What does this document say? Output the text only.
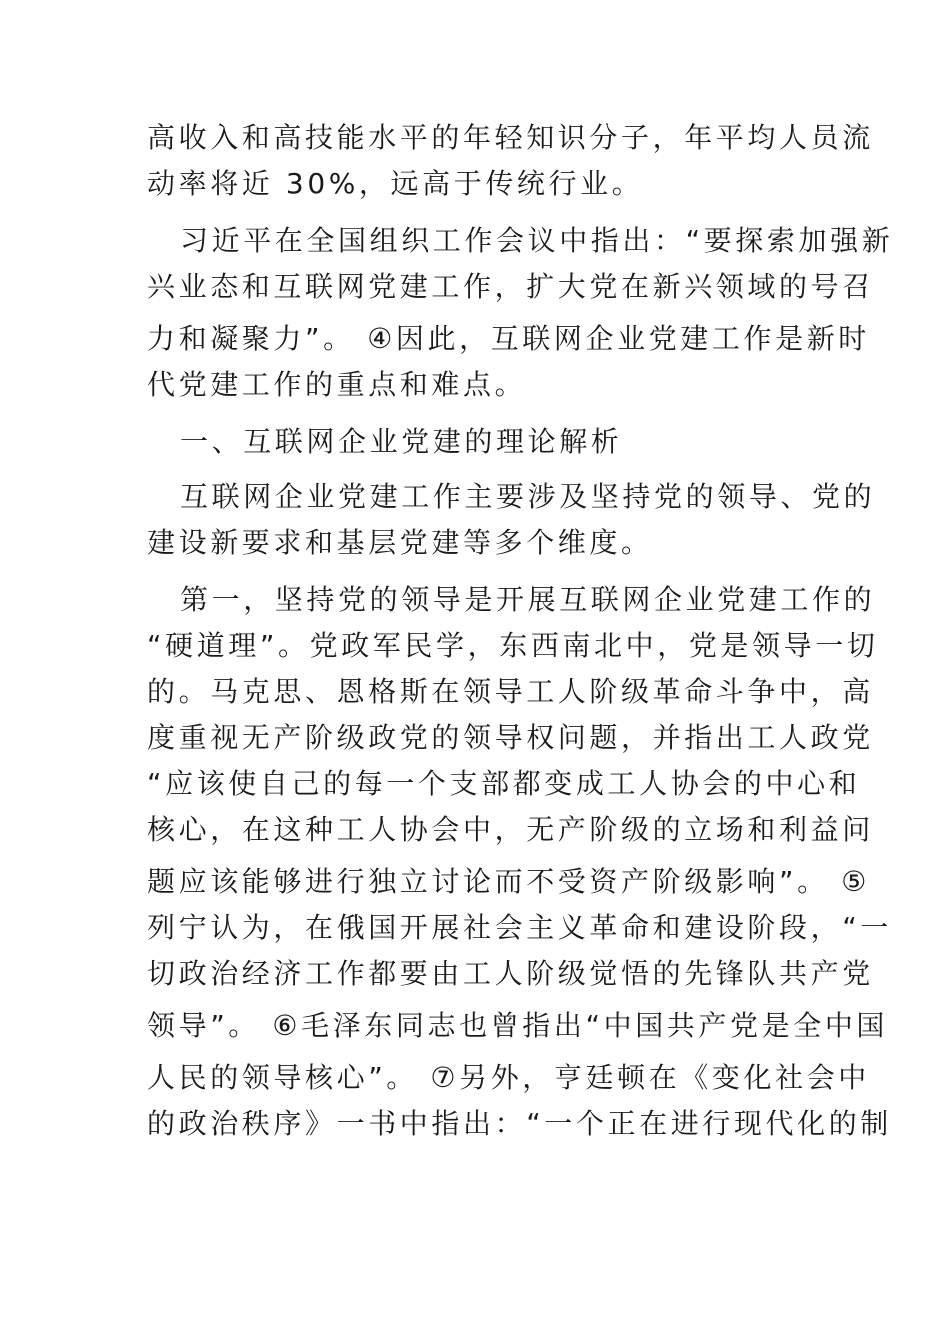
高收入和高技能水平的年轻知识分子，年平均人员流
动率将近 30%，远高于传统行业。
习近平在全国组织工作会议中指出：“要探索加强新
兴业态和互联网党建工作，扩大党在新兴领域的号召
力和凝聚力”。 ④因此，互联网企业党建工作是新时
代党建工作的重点和难点。
一、互联网企业党建的理论解析
互联网企业党建工作主要涉及坚持党的领导、党的
建设新要求和基层党建等多个维度。
第一，坚持党的领导是开展互联网企业党建工作的
“硬道理”。党政军民学，东西南北中，党是领导一切
的。马克思、恩格斯在领导工人阶级革命斗争中，高
度重视无产阶级政党的领导权问题，并指出工人政党
“应该使自己的每一个支部都变成工人协会的中心和
核心，在这种工人协会中，无产阶级的立场和利益问
题应该能够进行独立讨论而不受资产阶级影响”。 ⑤
列宁认为，在俄国开展社会主义革命和建设阶段，“一
切政治经济工作都要由工人阶级觉悟的先锋队共产党
领导”。 ⑥毛泽东同志也曾指出“中国共产党是全中国
人民的领导核心”。 ⑦另外，亨廷顿在《变化社会中
的政治秩序》一书中指出：“一个正在进行现代化的制
